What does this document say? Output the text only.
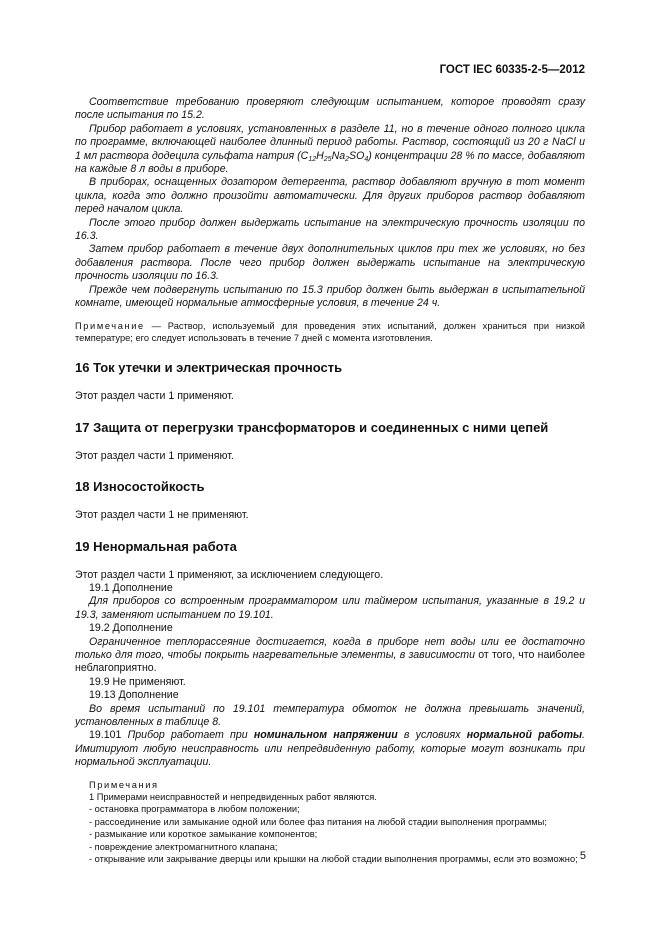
ГОСТ IEC 60335-2-5—2012

Соответствие требованию проверяют следующим испытанием, которое проводят сразу после испытания по 15.2.

Прибор работает в условиях, установленных в разделе 11, но в течение одного полного цикла по программе, включающей наиболее длинный период работы. Раствор, состоящий из 20 г NaCl и 1 мл раствора додецила сульфата натрия $(C_{12}H_{25}Na_2SO_4)$ концентрации 28 % по массе, добавляют на каждые 8 л воды в приборе.

В приборах, оснащенных дозатором детергента, раствор добавляют вручную в тот момент цикла, когда это должно произойти автоматически. Для других приборов раствор добавляют перед началом цикла.

После этого прибор должен выдержать испытание на электрическую прочность изоляции по 16.3.

Затем прибор работает в течение двух дополнительных циклов при тех же условиях, но без добавления раствора. После чего прибор должен выдержать испытание на электрическую прочность изоляции по 16.3.

Прежде чем подвергнуть испытанию по 15.3 прибор должен быть выдержан в испытательной комнате, имеющей нормальные атмосферные условия, в течение 24 ч.

Примечание — Раствор, используемый для проведения этих испытаний, должен храниться при низкой температуре; его следует использовать в течение 7 дней с момента изготовления.

16 Ток утечки и электрическая прочность

Этот раздел части 1 применяют.

17 Защита от перегрузки трансформаторов и соединенных с ними цепей

Этот раздел части 1 применяют.

18 Износостойкость

Этот раздел части 1 не применяют.

19 Ненормальная работа

Этот раздел части 1 применяют, за исключением следующего.

19.1 Дополнение

Для приборов со встроенным программатором или таймером испытания, указанные в 19.2 и 19.3, заменяют испытанием по 19.101.

19.2 Дополнение

Ограниченное теплорассеяние достигается, когда в приборе нет воды или ее достаточно только для того, чтобы покрыть нагревательные элементы, в зависимости от того, что наиболее неблагоприятно.

19.9 Не применяют.

19.13 Дополнение

Во время испытаний по 19.101 температура обмоток не должна превышать значений, установленных в таблице 8.

19.101 Прибор работает при номинальном напряжении в условиях нормальной работы. Имитируют любую неисправность или непредвиденную работу, которые могут возникать при нормальной эксплуатации.

Примечания

1 Примерами неисправностей и непредвиденных работ являются.

- остановка программатора в любом положении;

- рассоединение или замыкание одной или более фаз питания на любой стадии выполнения программы;

- размыкание или короткое замыкание компонентов;

- повреждение электромагнитного клапана;

- открывание или закрывание дверцы или крышки на любой стадии выполнения программы, если это возможно; 5
